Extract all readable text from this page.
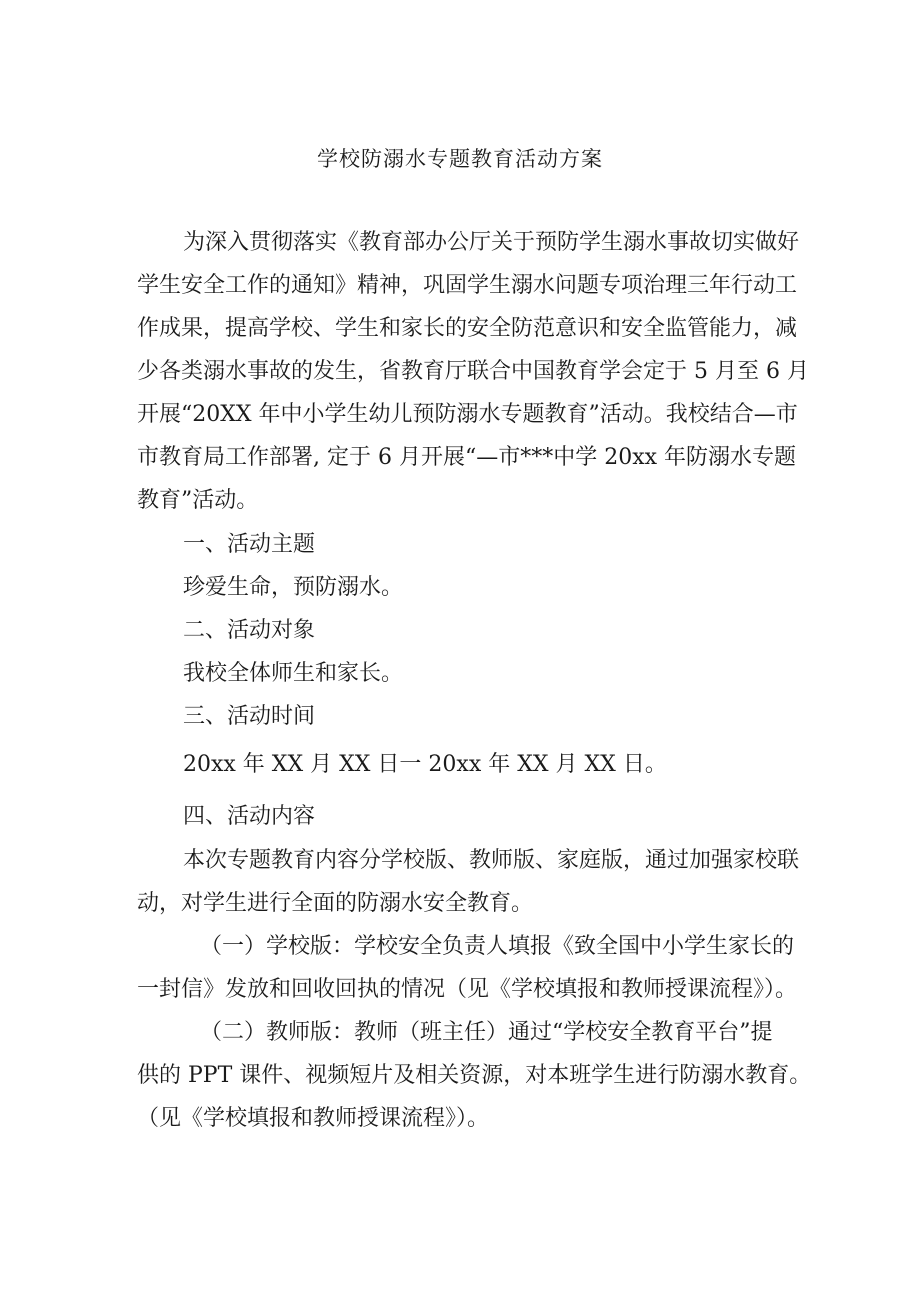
学校防溺水专题教育活动方案
为深入贯彻落实《教育部办公厅关于预防学生溺水事故切实做好
学生安全工作的通知》精神，巩固学生溺水问题专项治理三年行动工
作成果，提高学校、学生和家长的安全防范意识和安全监管能力，减
少各类溺水事故的发生，省教育厅联合中国教育学会定于 5 月至 6 月
开展“20XX 年中小学生幼儿预防溺水专题教育”活动。我校结合—市
市教育局工作部署, 定于 6 月开展“—市***中学 20xx 年防溺水专题
教育”活动。
一、活动主题
珍爱生命，预防溺水。
二、活动对象
我校全体师生和家长。
三、活动时间
20xx 年 XX 月 XX 日一 20xx 年 XX 月 XX 日。
四、活动内容
本次专题教育内容分学校版、教师版、家庭版，通过加强家校联
动，对学生进行全面的防溺水安全教育。
（一）学校版：学校安全负责人填报《致全国中小学生家长的
一封信》发放和回收回执的情况（见《学校填报和教师授课流程》）。
（二）教师版：教师（班主任）通过“学校安全教育平台”提
供的 PPT 课件、视频短片及相关资源，对本班学生进行防溺水教育。
（见《学校填报和教师授课流程》）。
